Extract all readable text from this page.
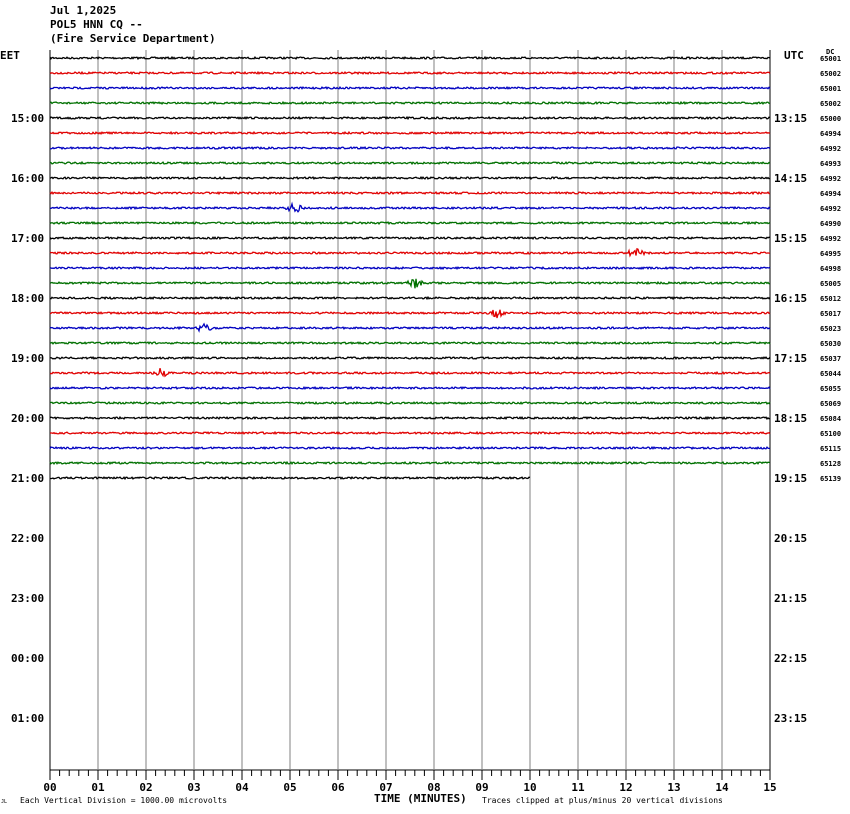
Jul 1,2025
POL5 HNN CQ --
(Fire Service Department)
00	01	02	03	04	05	06	07	08	09	10	11	12	13	14	15
15:00
16:00
17:00
18:00
19:00
20:00
21:00
22:00
23:00
00:00
01:00
13:15
14:15
15:15
16:15
17:15
18:15
19:15
20:15
21:15
22:15
23:15
65001
65002
65001
65002
65000
64994
64992
64993
64992
64994
64992
64990
64992
64995
64998
65005
65012
65017
65023
65030
65037
65044
65055
65069
65084
65100
65115
65128
65139
EET	UTC	DC
TIME (MINUTES)
Each Vertical Division = 1000.00 microvolts	Traces clipped at plus/minus 20 vertical divisions
JL
